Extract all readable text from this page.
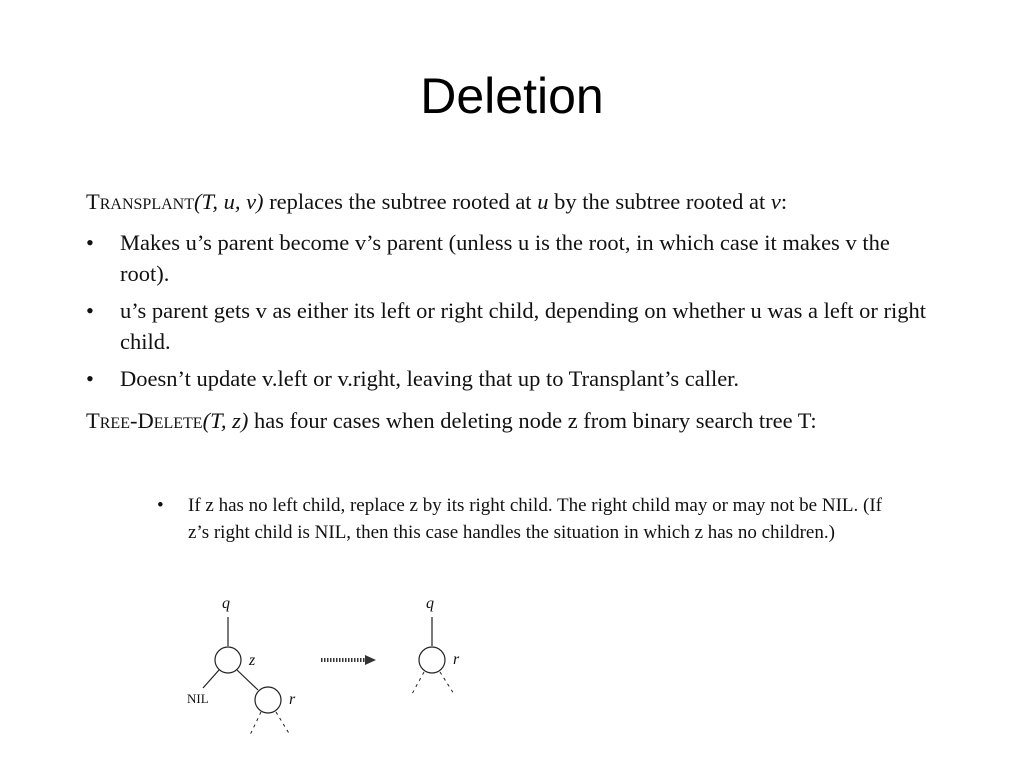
Deletion

Transplant(T, u, v) replaces the subtree rooted at u by the subtree rooted at v:

• Makes u’s parent become v’s parent (unless u is the root, in which case it makes v the root).
• u’s parent gets v as either its left or right child, depending on whether u was a left or right child.
• Doesn’t update v.left or v.right, leaving that up to Transplant’s caller.

Tree-Delete(T, z) has four cases when deleting node z from binary search tree T:

•	If z has no left child, replace z by its right child. The right child may or may not be NIL. (If z’s right child is NIL, then this case handles the situation in which z has no children.)
q
z
NIL	r
q
r
